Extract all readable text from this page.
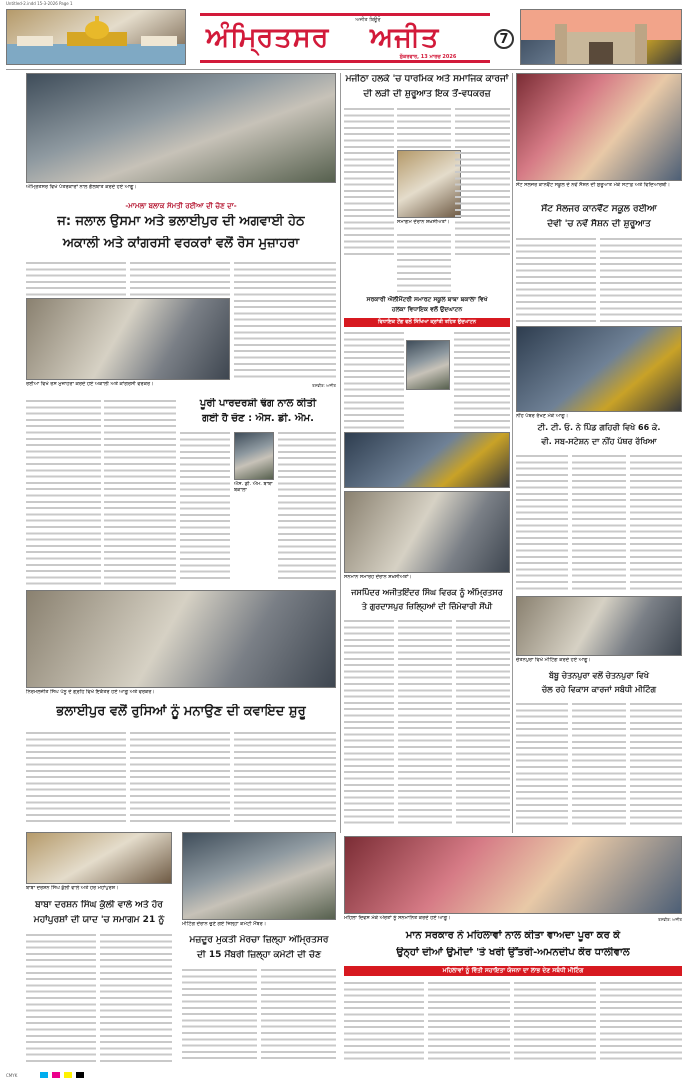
Untitled-2.indd 15-3-2026 Page 1
ਅੰਮ੍ਰਿਤਸਰ
ਅਜੀਤ ਬਿਊਰੋ
ਅਜੀਤ
ਸ਼ੁੱਕਰਵਾਰ, 13 ਮਾਰਚ 2026
7
ਅੰਮ੍ਰਿਤਸਰ ਵਿਖੇ ਪੱਤਰਕਾਰਾਂ ਨਾਲ ਗੱਲਬਾਤ ਕਰਦੇ ਹੋਏ ਆਗੂ।
-ਮਾਮਲਾ ਬਲਾਕ ਸੰਮਤੀ ਰਈਆ ਦੀ ਚੋਣ ਦਾ-
ਜ: ਜਲਾਲ ਉਸਮਾ ਅਤੇ ਭਲਾਈਪੁਰ ਦੀ ਅਗਵਾਈ ਹੇਠ
ਅਕਾਲੀ ਅਤੇ ਕਾਂਗਰਸੀ ਵਰਕਰਾਂ ਵਲੋਂ ਰੋਸ ਮੁਜ਼ਾਹਰਾ
ਰਈਆ ਵਿਖੇ ਰੋਸ ਮੁਜ਼ਾਹਰਾ ਕਰਦੇ ਹੋਏ ਅਕਾਲੀ ਅਤੇ ਕਾਂਗਰਸੀ ਵਰਕਰ।	ਤਸਵੀਰ: ਅਜੀਤ
ਪੂਰੀ ਪਾਰਦਰਸ਼ੀ ਢੰਗ ਨਾਲ ਕੀਤੀ
ਗਈ ਹੈ ਚੋਣ : ਐਸ. ਡੀ. ਐਮ.
ਐਸ. ਡੀ. ਐਮ. ਬਾਬਾ ਬਕਾਲਾ
ਨਿਰਮਲਜੀਤ ਸਿੰਘ ਪੰਨੂ ਦੇ ਗ੍ਰਹਿ ਵਿਖੇ ਇਕੱਤਰ ਹੋਏ ਆਗੂ ਅਤੇ ਵਰਕਰ।
ਭਲਾਈਪੁਰ ਵਲੋਂ ਰੁਸਿਆਂ ਨੂੰ ਮਨਾਉਣ ਦੀ ਕਵਾਇਦ ਸ਼ੁਰੂ
ਬਾਬਾ ਦਰਸ਼ਨ ਸਿੰਘ ਕੁੱਲੀ ਵਾਲੇ ਅਤੇ ਹੋਰ ਮਹਾਂਪੁਰਸ਼।
ਬਾਬਾ ਦਰਸ਼ਨ ਸਿੰਘ ਕੁੱਲੀ ਵਾਲੇ ਅਤੇ ਹੋਰ
ਮਹਾਂਪੁਰਸ਼ਾਂ ਦੀ ਯਾਦ 'ਚ ਸਮਾਗਮ 21 ਨੂੰ	ਮੀਟਿੰਗ ਦੌਰਾਨ ਚੁਣੇ ਗਏ ਜ਼ਿਲ੍ਹਾ ਕਮੇਟੀ ਮੈਂਬਰ।
ਮਜ਼ਦੂਰ ਮੁਕਤੀ ਮੋਰਚਾ ਜ਼ਿਲ੍ਹਾ ਅੰਮ੍ਰਿਤਸਰ
ਦੀ 15 ਮੈਂਬਰੀ ਜ਼ਿਲ੍ਹਾ ਕਮੇਟੀ ਦੀ ਚੋਣ
ਮਜੀਠਾ ਹਲਕੇ 'ਚ ਧਾਰਮਿਕ ਅਤੇ ਸਮਾਜਿਕ ਕਾਰਜਾਂ
ਦੀ ਲੜੀ ਦੀ ਸ਼ੁਰੂਆਤ ਇਕ ਤੋਂ-ਵਧਕਰਜ਼
ਸਮਾਗਮ ਦੌਰਾਨ ਸ਼ਖ਼ਸੀਅਤਾਂ।
ਸਰਕਾਰੀ ਐਲੀਮੈਂਟਰੀ ਸਮਾਰਟ ਸਕੂਲ ਬਾਬਾ ਬਕਾਲਾ ਵਿਖੇ
ਹਲਕਾ ਵਿਧਾਇਕ ਵਲੋਂ ਉਦਘਾਟਨ
ਵਿਧਾਇਕ ਟੌਂਗ ਵਲੋਂ ਸਿੱਖਿਆ ਕ੍ਰਾਂਤੀ ਤਹਿਤ ਉਦਘਾਟਨ
ਸਨਮਾਨ ਸਮਾਰੋਹ ਦੌਰਾਨ ਸ਼ਖ਼ਸੀਅਤਾਂ।
ਜਸਪਿੰਦਰ ਅਜੀਤਇੰਦਰ ਸਿੰਘ ਵਿਰਕ ਨੂੰ ਅੰਮ੍ਰਿਤਸਰ
ਤੇ ਗੁਰਦਾਸਪੁਰ ਜ਼ਿਲ੍ਹਿਆਂ ਦੀ ਜ਼ਿੰਮੇਵਾਰੀ ਸੌਂਪੀ
ਸੇਂਟ ਸੋਲਜਰ ਕਾਨਵੈਂਟ ਸਕੂਲ ਦੇ ਨਵੇਂ ਸੈਸ਼ਨ ਦੀ ਸ਼ੁਰੂਆਤ ਮੌਕੇ ਸਟਾਫ਼ ਅਤੇ ਵਿਦਿਆਰਥੀ।
ਸੇਂਟ ਸੋਲਜਰ ਕਾਨਵੈਂਟ ਸਕੂਲ ਰਈਆ
ਦੇਵੀ 'ਚ ਨਵੇਂ ਸੈਸ਼ਨ ਦੀ ਸ਼ੁਰੂਆਤ
ਨੀਂਹ ਪੱਥਰ ਰੱਖਣ ਮੌਕੇ ਆਗੂ।
ਟੀ. ਟੀ. ਓ. ਨੇ ਪਿੰਡ ਗਹਿਰੀ ਵਿਖੇ 66 ਕੇ.
ਵੀ. ਸਬ-ਸਟੇਸ਼ਨ ਦਾ ਨੀਂਹ ਪੱਥਰ ਰੱਖਿਆ
ਚੇਤਨਪੁਰਾ ਵਿਖੇ ਮੀਟਿੰਗ ਕਰਦੇ ਹੋਏ ਆਗੂ।
ਬੱਬੂ ਚੇਤਨਪੁਰਾ ਵਲੋਂ ਚੇਤਨਪੁਰਾ ਵਿਖੇ
ਚੱਲ ਰਹੇ ਵਿਕਾਸ ਕਾਰਜਾਂ ਸਬੰਧੀ ਮੀਟਿੰਗ
ਮਹਿਲਾ ਦਿਵਸ ਮੌਕੇ ਔਰਤਾਂ ਨੂੰ ਸਨਮਾਨਿਤ ਕਰਦੇ ਹੋਏ ਆਗੂ।	ਤਸਵੀਰ: ਅਜੀਤ
ਮਾਨ ਸਰਕਾਰ ਨੇ ਮਹਿਲਾਵਾਂ ਨਾਲ ਕੀਤਾ ਵਾਅਦਾ ਪੂਰਾ ਕਰ ਕੇ
ਉਨ੍ਹਾਂ ਦੀਆਂ ਉਮੀਦਾਂ 'ਤੇ ਖਰੀ ਉੱਤਰੀ-ਅਮਨਦੀਪ ਕੌਰ ਧਾਲੀਵਾਲ
ਮਹਿਲਾਵਾਂ ਨੂੰ ਵਿੱਤੀ ਸਹਾਇਤਾ ਯੋਜਨਾ ਦਾ ਲਾਭ ਦੇਣ ਸਬੰਧੀ ਮੀਟਿੰਗ
CMYK
